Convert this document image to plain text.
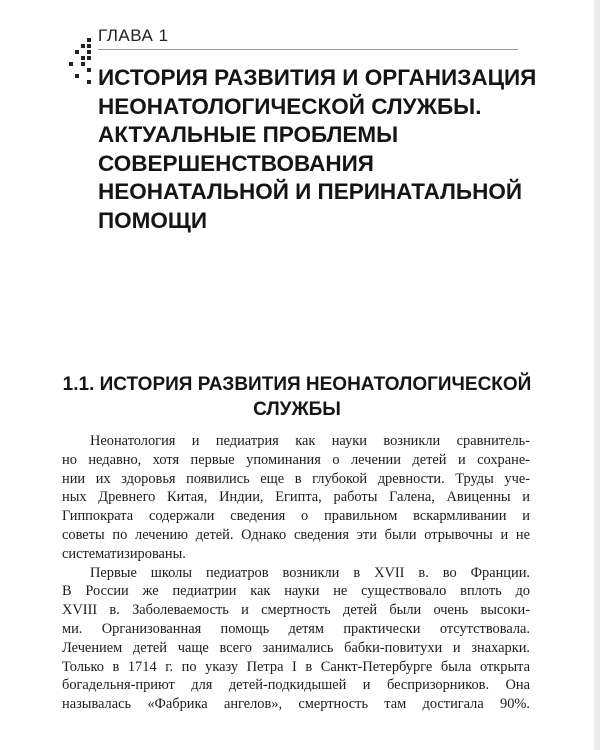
ГЛАВА 1
ИСТОРИЯ РАЗВИТИЯ И ОРГАНИЗАЦИЯ
НЕОНАТОЛОГИЧЕСКОЙ СЛУЖБЫ.
АКТУАЛЬНЫЕ ПРОБЛЕМЫ
СОВЕРШЕНСТВОВАНИЯ
НЕОНАТАЛЬНОЙ И ПЕРИНАТАЛЬНОЙ
ПОМОЩИ
1.1. ИСТОРИЯ РАЗВИТИЯ НЕОНАТОЛОГИЧЕСКОЙ
СЛУЖБЫ

Неонатология и педиатрия как науки возникли сравнитель-
но недавно, хотя первые упоминания о лечении детей и сохране-
нии их здоровья появились еще в глубокой древности. Труды уче-
ных Древнего Китая, Индии, Египта, работы Галена, Авиценны и
Гиппократа содержали сведения о правильном вскармливании и
советы по лечению детей. Однако сведения эти были отрывочны и не
систематизированы.

Первые школы педиатров возникли в XVII в. во Франции.
В России же педиатрии как науки не существовало вплоть до
XVIII в. Заболеваемость и смертность детей были очень высоки-
ми. Организованная помощь детям практически отсутствовала.
Лечением детей чаще всего занимались бабки-повитухи и знахарки.
Только в 1714 г. по указу Петра I в Санкт-Петербурге была открыта
богадельня-приют для детей-подкидышей и беспризорников. Она
называлась «Фабрика ангелов», смертность там достигала 90%.
